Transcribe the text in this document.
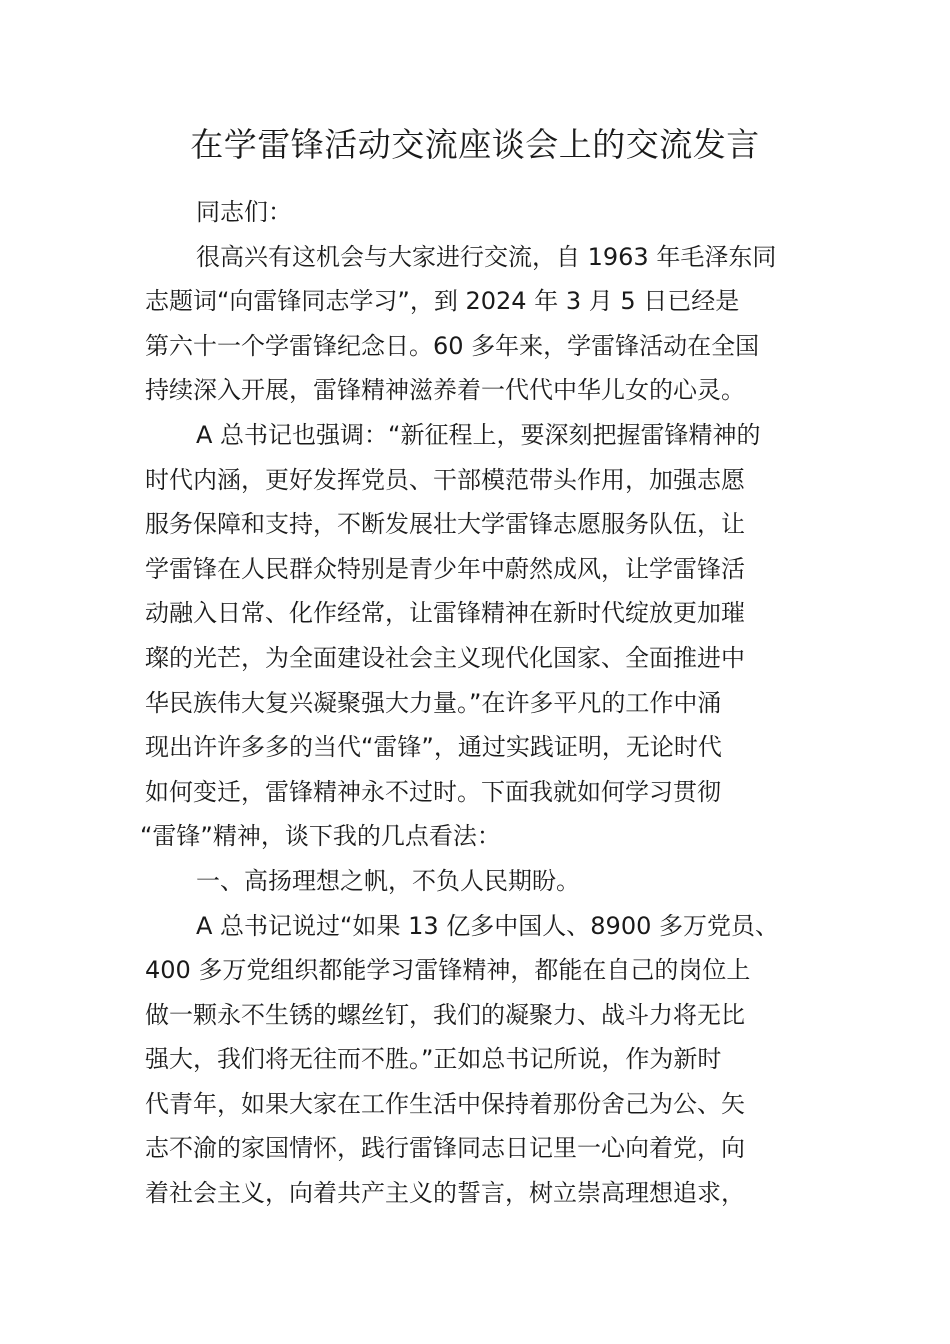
在学雷锋活动交流座谈会上的交流发言
同志们：
很高兴有这机会与大家进行交流，自 1963 年毛泽东同
志题词“向雷锋同志学习”，到 2024 年 3 月 5 日已经是
第六十一个学雷锋纪念日。60 多年来，学雷锋活动在全国
持续深入开展，雷锋精神滋养着一代代中华儿女的心灵。
A 总书记也强调：“新征程上，要深刻把握雷锋精神的
时代内涵，更好发挥党员、干部模范带头作用，加强志愿
服务保障和支持，不断发展壮大学雷锋志愿服务队伍，让
学雷锋在人民群众特别是青少年中蔚然成风，让学雷锋活
动融入日常、化作经常，让雷锋精神在新时代绽放更加璀
璨的光芒，为全面建设社会主义现代化国家、全面推进中
华民族伟大复兴凝聚强大力量。”在许多平凡的工作中涌
现出许许多多的当代“雷锋”，通过实践证明，无论时代
如何变迁，雷锋精神永不过时。下面我就如何学习贯彻
“雷锋”精神，谈下我的几点看法：
一、高扬理想之帆，不负人民期盼。
A 总书记说过“如果 13 亿多中国人、8900 多万党员、
400 多万党组织都能学习雷锋精神，都能在自己的岗位上
做一颗永不生锈的螺丝钉，我们的凝聚力、战斗力将无比
强大，我们将无往而不胜。”正如总书记所说，作为新时
代青年，如果大家在工作生活中保持着那份舍己为公、矢
志不渝的家国情怀，践行雷锋同志日记里一心向着党，向
着社会主义，向着共产主义的誓言，树立崇高理想追求，
